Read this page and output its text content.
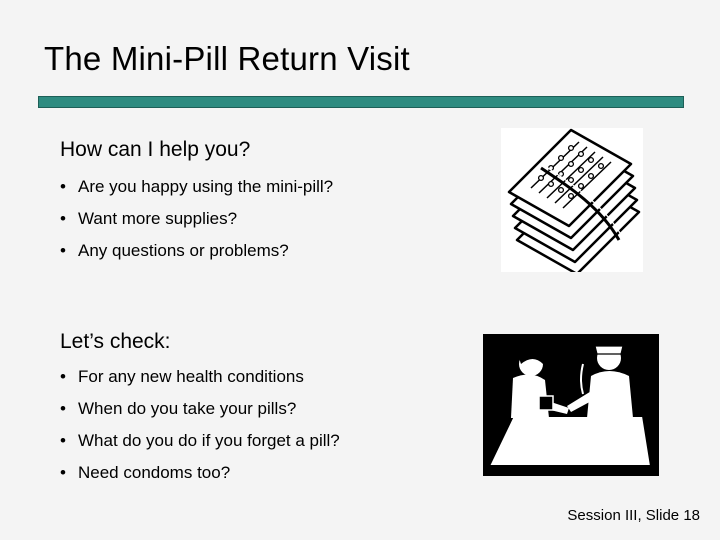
The Mini-Pill Return Visit
How can I help you?
• Are you happy using the mini-pill?
• Want more supplies?
• Any questions or problems?
Let’s check:
• For any new health conditions
• When do you take your pills?
• What do you do if you forget a pill?
• Need condoms too?
Session III, Slide 18
